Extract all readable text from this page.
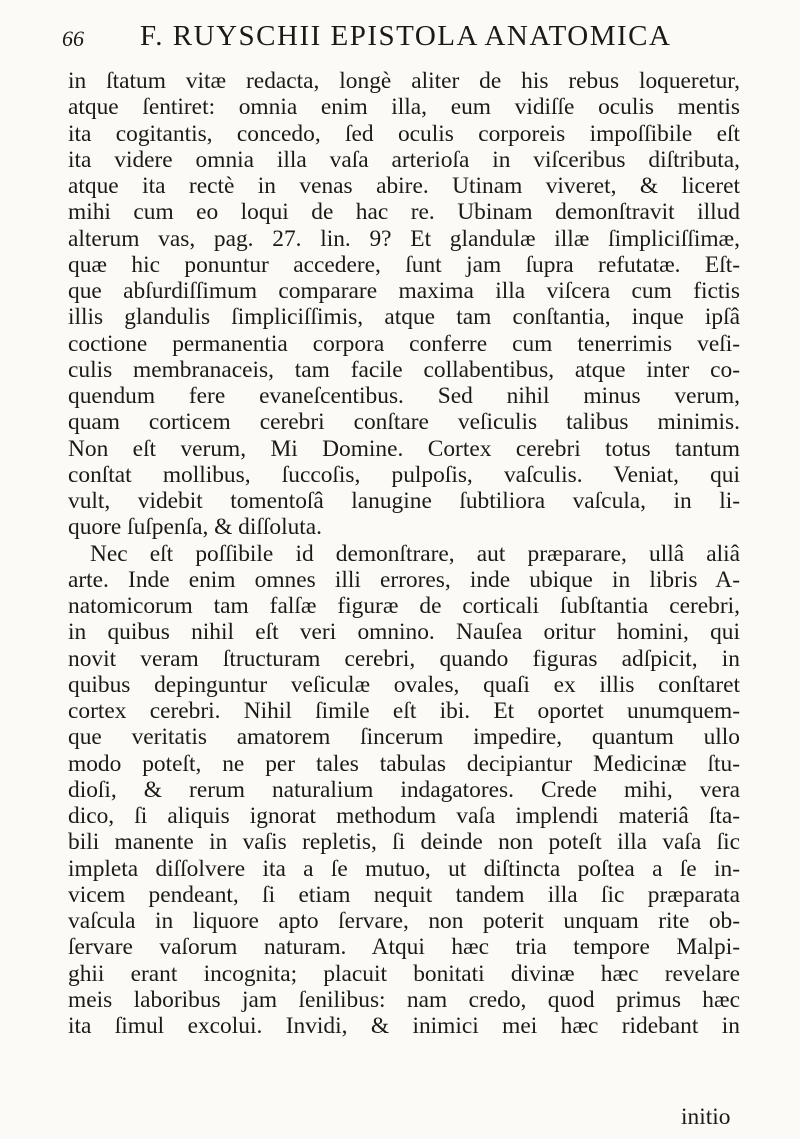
66 F. RUYSCHII EPISTOLA ANATOMICA
in ſtatum vitæ redacta, longè aliter de his rebus loqueretur,
atque ſentiret: omnia enim illa, eum vidiſſe oculis mentis
ita cogitantis, concedo, ſed oculis corporeis impoſſibile eſt
ita videre omnia illa vaſa arterioſa in viſceribus diſtributa,
atque ita rectè in venas abire. Utinam viveret, & liceret
mihi cum eo loqui de hac re. Ubinam demonſtravit illud
alterum vas, pag. 27. lin. 9? Et glandulæ illæ ſimpliciſſimæ,
quæ hic ponuntur accedere, ſunt jam ſupra refutatæ. Eſt-
que abſurdiſſimum comparare maxima illa viſcera cum fictis
illis glandulis ſimpliciſſimis, atque tam conſtantia, inque ipſâ
coctione permanentia corpora conferre cum tenerrimis veſi-
culis membranaceis, tam facile collabentibus, atque inter co-
quendum fere evaneſcentibus. Sed nihil minus verum,
quam corticem cerebri conſtare veſiculis talibus minimis.
Non eſt verum, Mi Domine. Cortex cerebri totus tantum
conſtat mollibus, ſuccoſis, pulpoſis, vaſculis. Veniat, qui
vult, videbit tomentoſâ lanugine ſubtiliora vaſcula, in li-
quore ſuſpenſa, & diſſoluta.
Nec eſt poſſibile id demonſtrare, aut præparare, ullâ aliâ
arte. Inde enim omnes illi errores, inde ubique in libris A-
natomicorum tam falſæ figuræ de corticali ſubſtantia cerebri,
in quibus nihil eſt veri omnino. Nauſea oritur homini, qui
novit veram ſtructuram cerebri, quando figuras adſpicit, in
quibus depinguntur veſiculæ ovales, quaſi ex illis conſtaret
cortex cerebri. Nihil ſimile eſt ibi. Et oportet unumquem-
que veritatis amatorem ſincerum impedire, quantum ullo
modo poteſt, ne per tales tabulas decipiantur Medicinæ ſtu-
dioſi, & rerum naturalium indagatores. Crede mihi, vera
dico, ſi aliquis ignorat methodum vaſa implendi materiâ ſta-
bili manente in vaſis repletis, ſi deinde non poteſt illa vaſa ſic
impleta diſſolvere ita a ſe mutuo, ut diſtincta poſtea a ſe in-
vicem pendeant, ſi etiam nequit tandem illa ſic præparata
vaſcula in liquore apto ſervare, non poterit unquam rite ob-
ſervare vaſorum naturam. Atqui hæc tria tempore Malpi-
ghii erant incognita; placuit bonitati divinæ hæc revelare
meis laboribus jam ſenilibus: nam credo, quod primus hæc
ita ſimul excolui. Invidi, & inimici mei hæc ridebant in
initio
